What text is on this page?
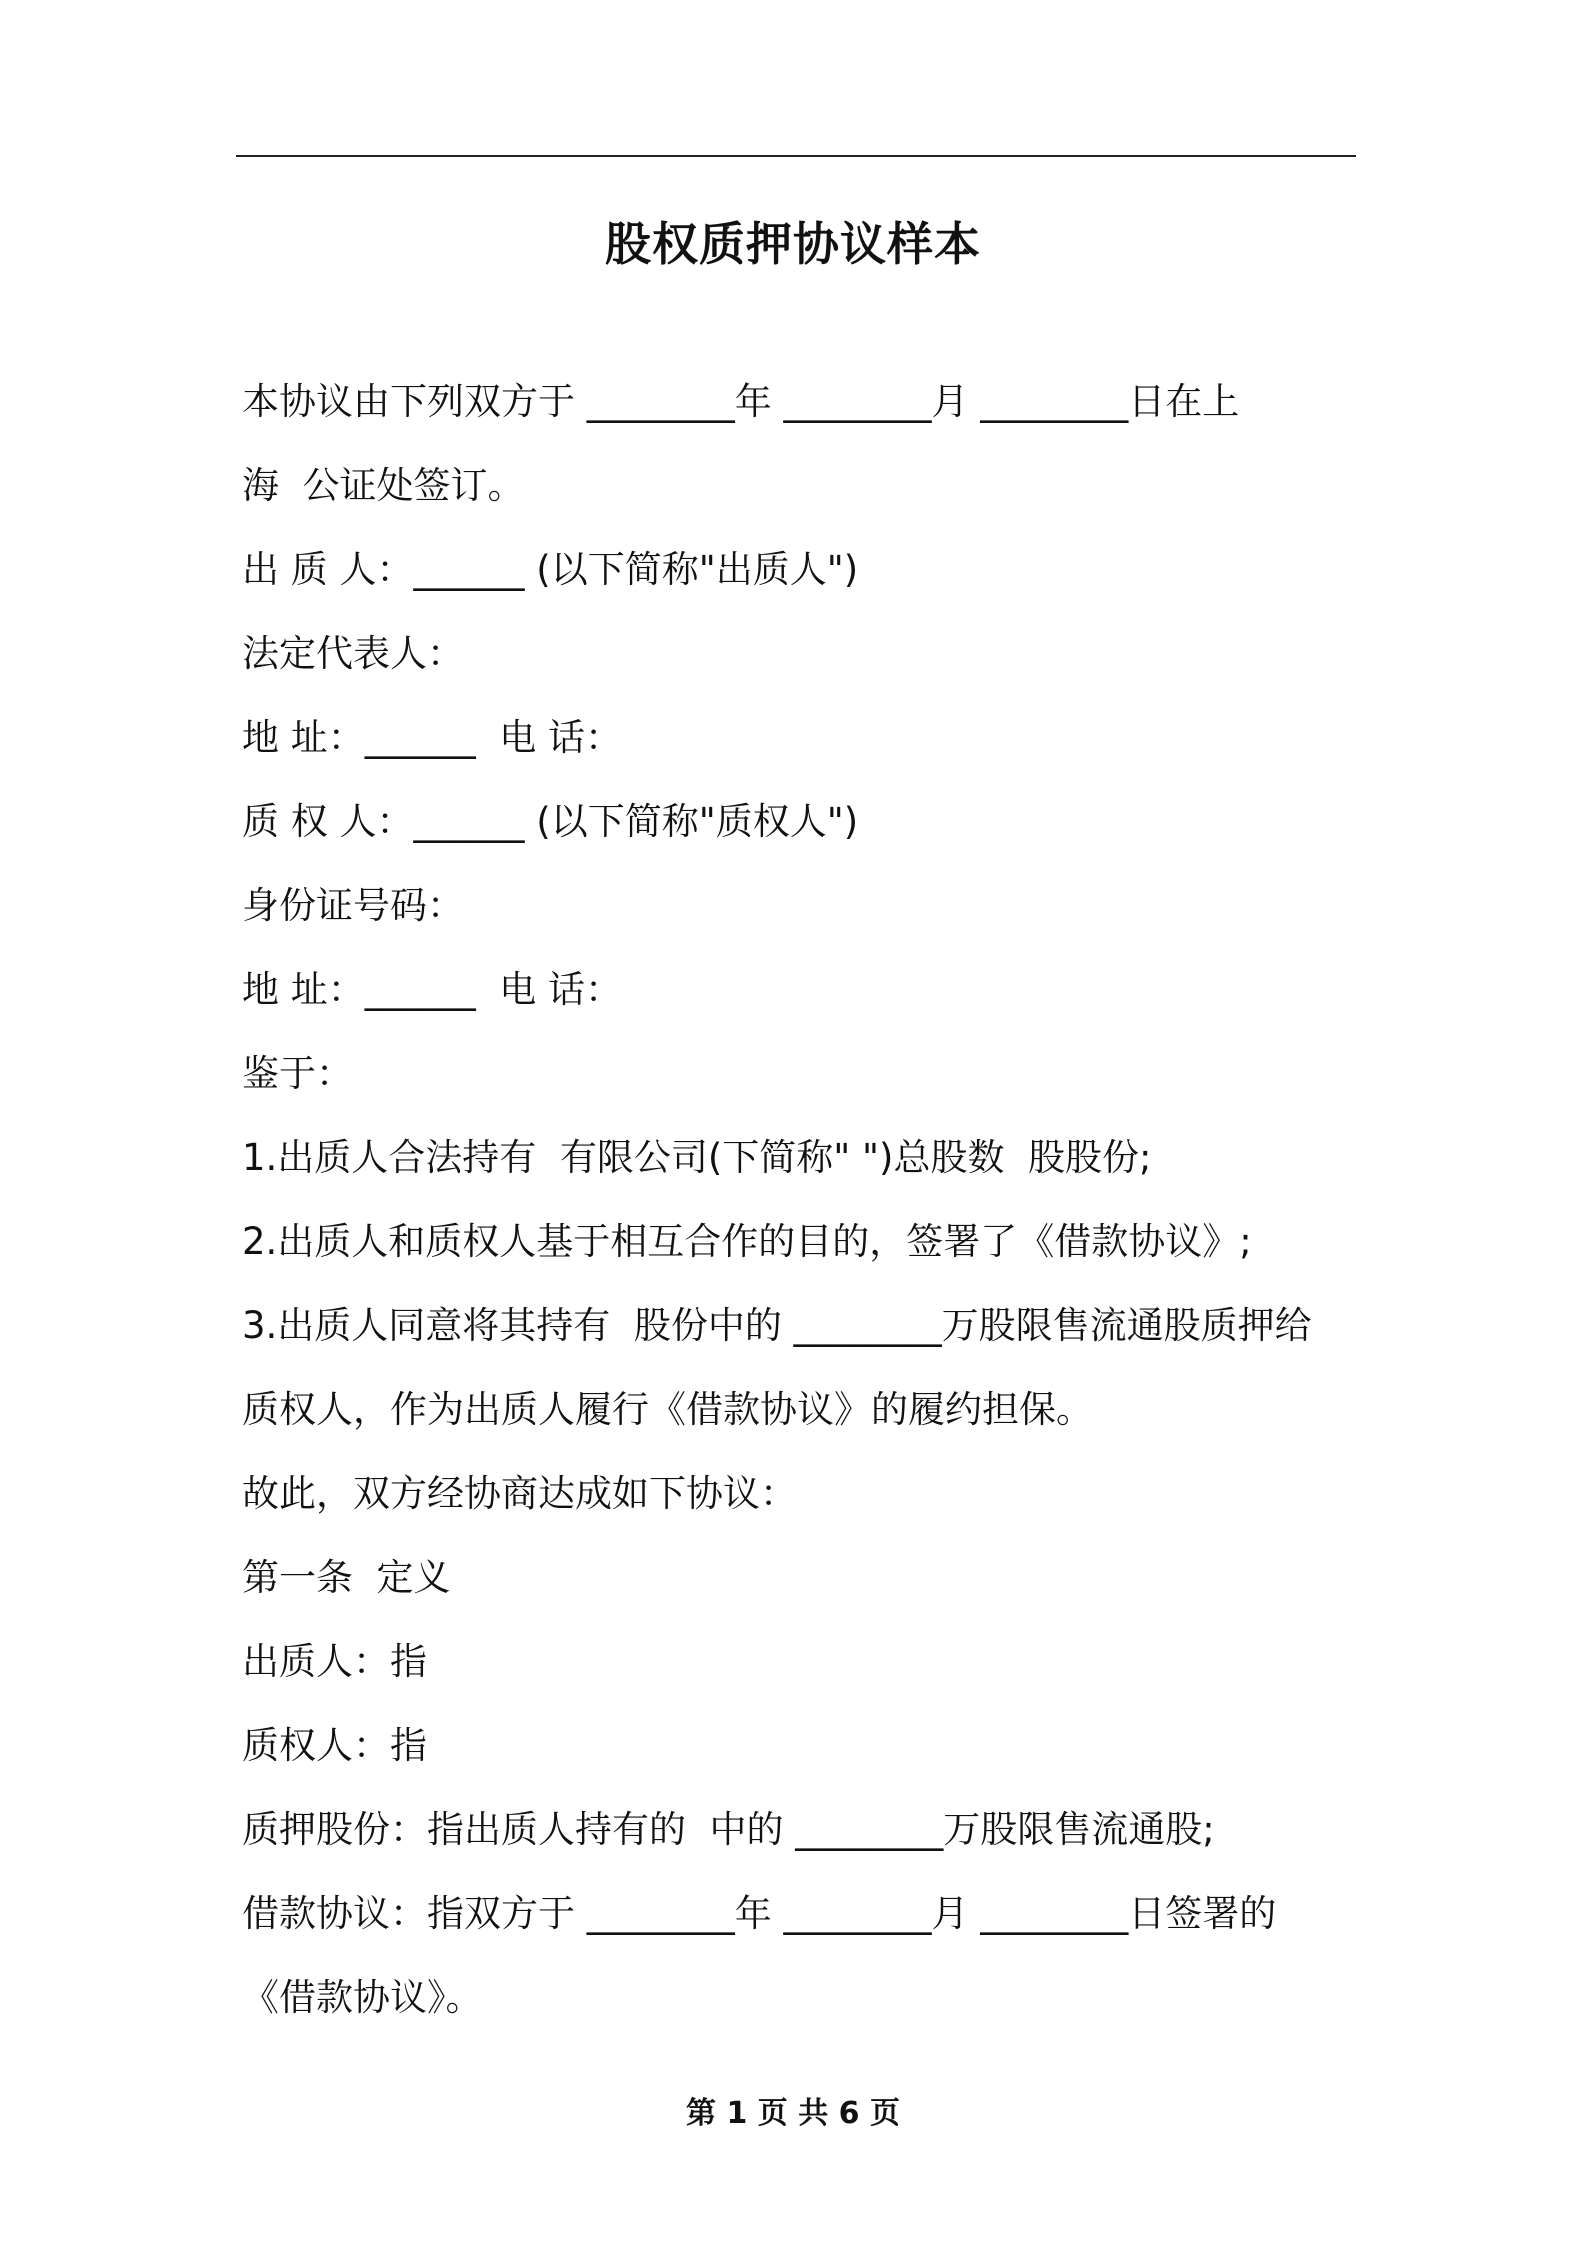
股权质押协议样本
本协议由下列双方于 ________年 ________月 ________日在上
海  公证处签订。
出 质 人：______ (以下简称"出质人")
法定代表人：
地 址：______  电 话：
质 权 人：______ (以下简称"质权人")
身份证号码：
地 址：______  电 话：
鉴于：
1.出质人合法持有  有限公司(下简称" ")总股数  股股份;
2.出质人和质权人基于相互合作的目的，签署了《借款协议》;
3.出质人同意将其持有  股份中的 ________万股限售流通股质押给
质权人，作为出质人履行《借款协议》的履约担保。
故此，双方经协商达成如下协议：
第一条  定义
出质人：指
质权人：指
质押股份：指出质人持有的  中的 ________万股限售流通股;
借款协议：指双方于 ________年 ________月 ________日签署的
《借款协议》。
第 1 页 共 6 页
